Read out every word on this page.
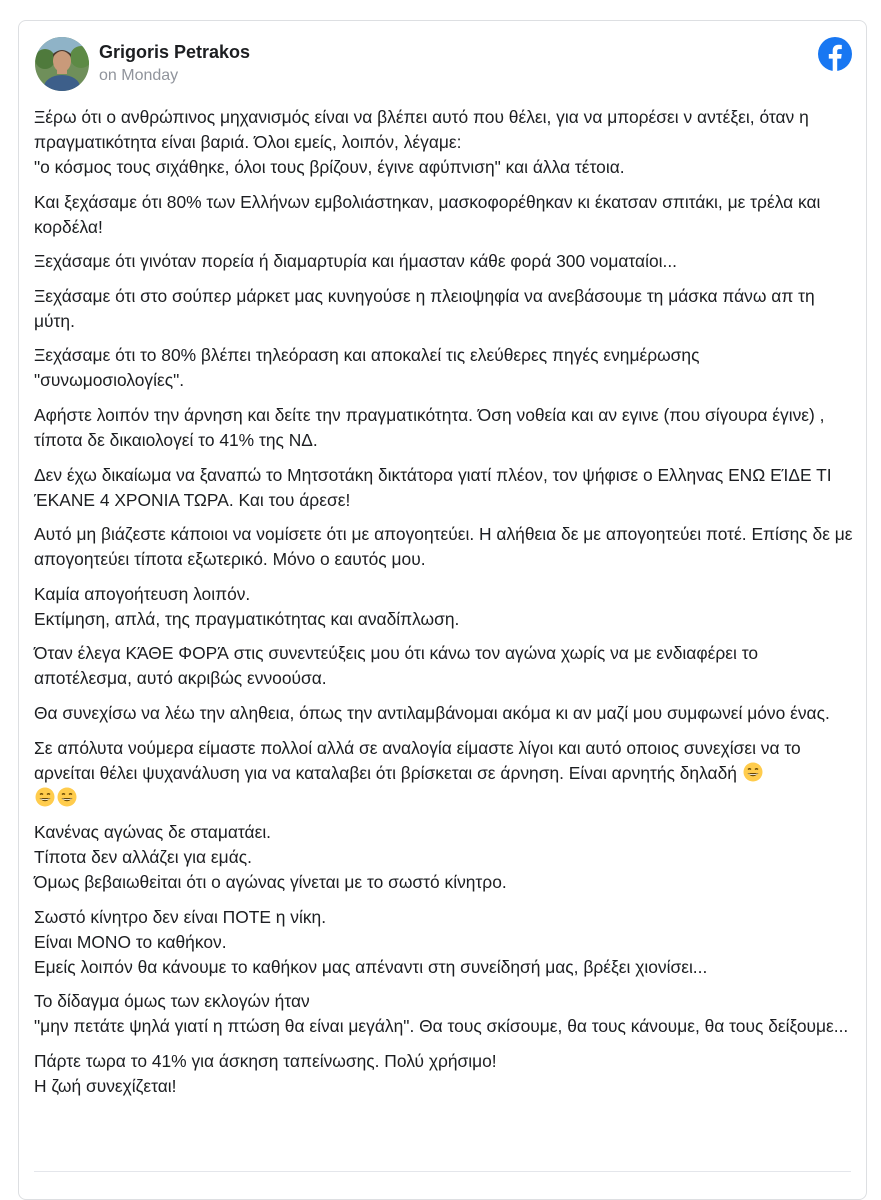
Grigoris Petrakos
on Monday

Ξέρω ότι ο ανθρώπινος μηχανισμός είναι να βλέπει αυτό που θέλει, για να μπορέσει ν αντέξει, όταν η πραγματικότητα είναι βαριά. Όλοι εμείς, λοιπόν, λέγαμε:
"ο κόσμος τους σιχάθηκε, όλοι τους βρίζουν, έγινε αφύπνιση" και άλλα τέτοια.

Και ξεχάσαμε ότι 80% των Ελλήνων εμβολιάστηκαν, μασκοφορέθηκαν κι έκατσαν σπιτάκι, με τρέλα και κορδέλα!

Ξεχάσαμε ότι γινόταν πορεία ή διαμαρτυρία και ήμασταν κάθε φορά 300 νοματαίοι...

Ξεχάσαμε ότι στο σούπερ μάρκετ μας κυνηγούσε η πλειοψηφία να ανεβάσουμε τη μάσκα πάνω απ τη μύτη.

Ξεχάσαμε ότι το 80% βλέπει τηλεόραση και αποκαλεί τις ελεύθερες πηγές ενημέρωσης "συνωμοσιολογίες".

Αφήστε λοιπόν την άρνηση και δείτε την πραγματικότητα. Όση νοθεία και αν εγινε (που σίγουρα έγινε) , τίποτα δε δικαιολογεί το 41% της ΝΔ.

Δεν έχω δικαίωμα να ξαναπώ το Μητσοτάκη δικτάτορα γιατί πλέον, τον ψήφισε ο Ελληνας ΕΝΩ ΕΊΔΕ ΤΙ ΈΚΑΝΕ 4 ΧΡΟΝΙΑ ΤΩΡΑ. Και του άρεσε!

Αυτό μη βιάζεστε κάποιοι να νομίσετε ότι με απογοητεύει. Η αλήθεια δε με απογοητεύει ποτέ. Επίσης δε με απογοητεύει τίποτα εξωτερικό. Μόνο ο εαυτός μου.

Καμία απογοήτευση λοιπόν.
Εκτίμηση, απλά, της πραγματικότητας και αναδίπλωση.

Όταν έλεγα ΚΆΘΕ ΦΟΡΆ στις συνεντεύξεις μου ότι κάνω τον αγώνα χωρίς να με ενδιαφέρει το αποτέλεσμα, αυτό ακριβώς εννοούσα.

Θα συνεχίσω να λέω την αληθεια, όπως την αντιλαμβάνομαι ακόμα κι αν μαζί μου συμφωνεί μόνο ένας.

Σε απόλυτα νούμερα είμαστε πολλοί αλλά σε αναλογία είμαστε λίγοι και αυτό οποιος συνεχίσει να το αρνείται θέλει ψυχανάλυση για να καταλαβει ότι βρίσκεται σε άρνηση. Είναι αρνητής δηλαδή

Κανένας αγώνας δε σταματάει.
Τίποτα δεν αλλάζει για εμάς.
Όμως βεβαιωθεiται ότι ο αγώνας γίνεται με το σωστό κίνητρο.

Σωστό κίνητρο δεν είναι ΠΟΤΕ η νίκη.
Είναι ΜΟΝΟ το καθήκον.
Εμείς λοιπόν θα κάνουμε το καθήκον μας απέναντι στη συνείδησή μας, βρέξει χιονίσει...

Το δίδαγμα όμως των εκλογών ήταν
"μην πετάτε ψηλά γιατί η πτώση θα είναι μεγάλη". Θα τους σκίσουμε, θα τους κάνουμε, θα τους δείξουμε...

Πάρτε τωρα το 41% για άσκηση ταπείνωσης. Πολύ χρήσιμο!
Η ζωή συνεχίζεται!
